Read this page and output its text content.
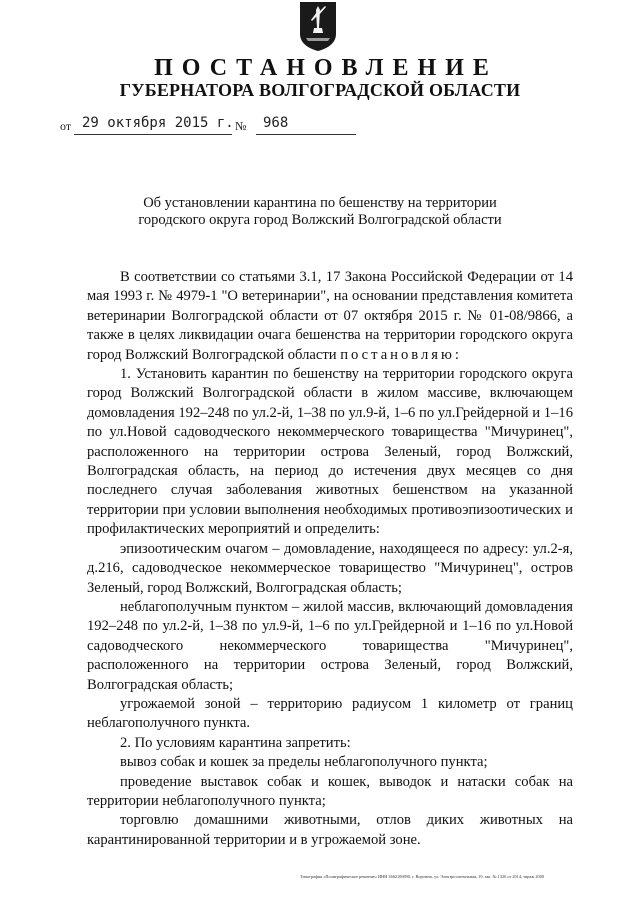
ПОСТАНОВЛЕНИЕ
ГУБЕРНАТОРА ВОЛГОГРАДСКОЙ ОБЛАСТИ
от 29 октября 2015 г. № 968
Об установлении карантина по бешенству на территории
городского округа город Волжский Волгоградской области

В соответствии со статьями 3.1, 17 Закона Российской Федерации от 14 мая 1993 г. № 4979-1 "О ветеринарии", на основании представления комитета ветеринарии Волгоградской области от 07 октября 2015 г. № 01-08/9866, а также в целях ликвидации очага бешенства на территории городского округа город Волжский Волгоградской области постановляю:

1. Установить карантин по бешенству на территории городского округа город Волжский Волгоградской области в жилом массиве, включающем домовладения 192–248 по ул.2-й, 1–38 по ул.9-й, 1–6 по ул.Грейдерной и 1–16 по ул.Новой садоводческого некоммерческого товарищества "Мичуринец", расположенного на территории острова Зеленый, город Волжский, Волгоградская область, на период до истечения двух месяцев со дня последнего случая заболевания животных бешенством на указанной территории при условии выполнения необходимых противоэпизоотических и профилактических мероприятий и определить:

эпизоотическим очагом – домовладение, находящееся по адресу: ул.2-я, д.216, садоводческое некоммерческое товарищество "Мичуринец", остров Зеленый, город Волжский, Волгоградская область;

неблагополучным пунктом – жилой массив, включающий домовладения 192–248 по ул.2-й, 1–38 по ул.9-й, 1–6 по ул.Грейдерной и 1–16 по ул.Новой садоводческого некоммерческого товарищества "Мичуринец", расположенного на территории острова Зеленый, город Волжский, Волгоградская область;

угрожаемой зоной – территорию радиусом 1 километр от границ неблагополучного пункта.

2. По условиям карантина запретить:

вывоз собак и кошек за пределы неблагополучного пункта;

проведение выставок собак и кошек, выводок и натаски собак на территории неблагополучного пункта;

торговлю домашними животными, отлов диких животных на карантинированной территории и в угрожаемой зоне.

Типография «Полиграфическое решение» ИНН 3662106890, г. Воронеж, ул. Электросигнальная, 19, зак. № 1326 от 2014, тираж 2000
